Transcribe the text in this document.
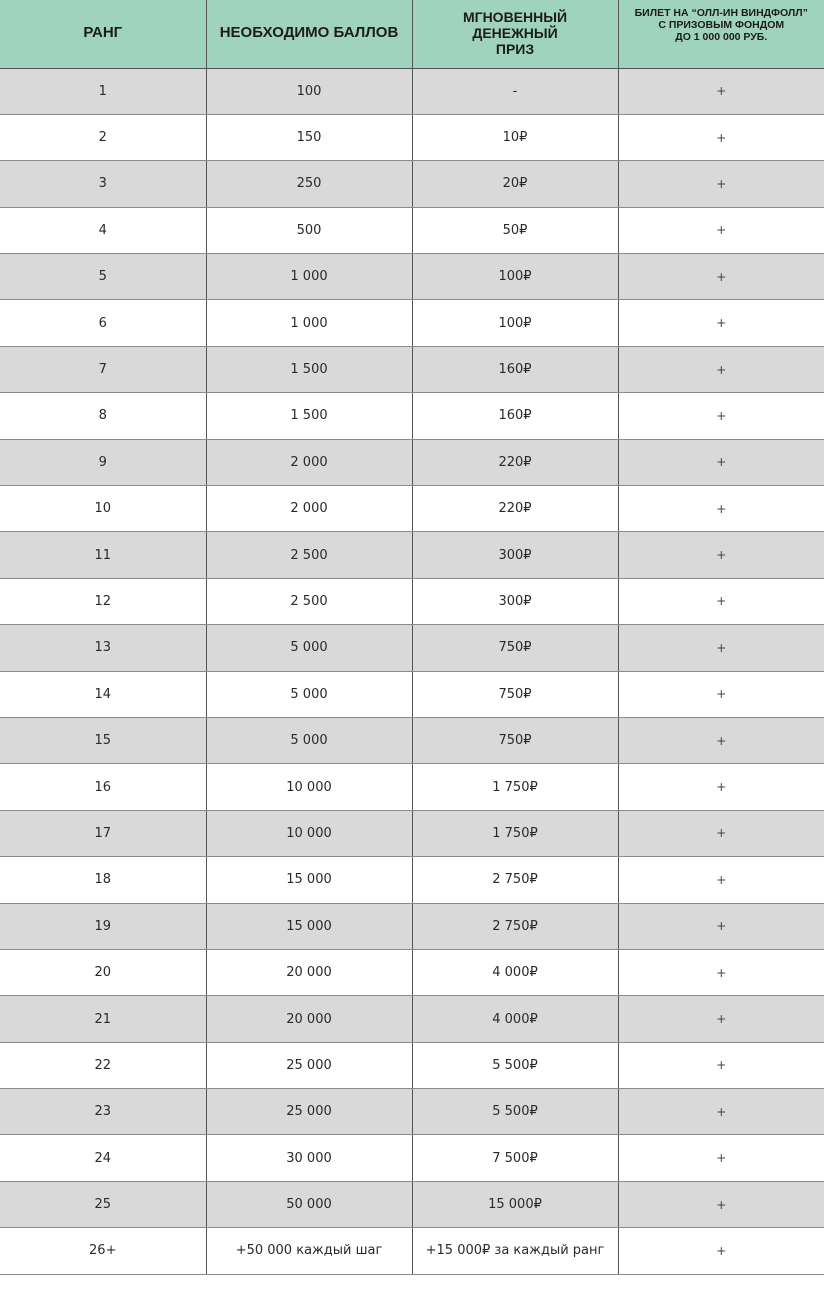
РАНГ	НЕОБХОДИМО БАЛЛОВ	МГНОВЕННЫЙ
ДЕНЕЖНЫЙ
ПРИЗ	БИЛЕТ НА “ОЛЛ-ИН ВИНДФОЛЛ”
С ПРИЗОВЫМ ФОНДОМ
ДО 1 000 000 РУБ.

1	100	-	+
2	150	10₽	+
3	250	20₽	+
4	500	50₽	+
5	1 000	100₽	+
6	1 000	100₽	+
7	1 500	160₽	+
8	1 500	160₽	+
9	2 000	220₽	+
10	2 000	220₽	+
11	2 500	300₽	+
12	2 500	300₽	+
13	5 000	750₽	+
14	5 000	750₽	+
15	5 000	750₽	+
16	10 000	1 750₽	+
17	10 000	1 750₽	+
18	15 000	2 750₽	+
19	15 000	2 750₽	+
20	20 000	4 000₽	+
21	20 000	4 000₽	+
22	25 000	5 500₽	+
23	25 000	5 500₽	+
24	30 000	7 500₽	+
25	50 000	15 000₽	+
26+	+50 000 каждый шаг	+15 000₽ за каждый ранг	+
